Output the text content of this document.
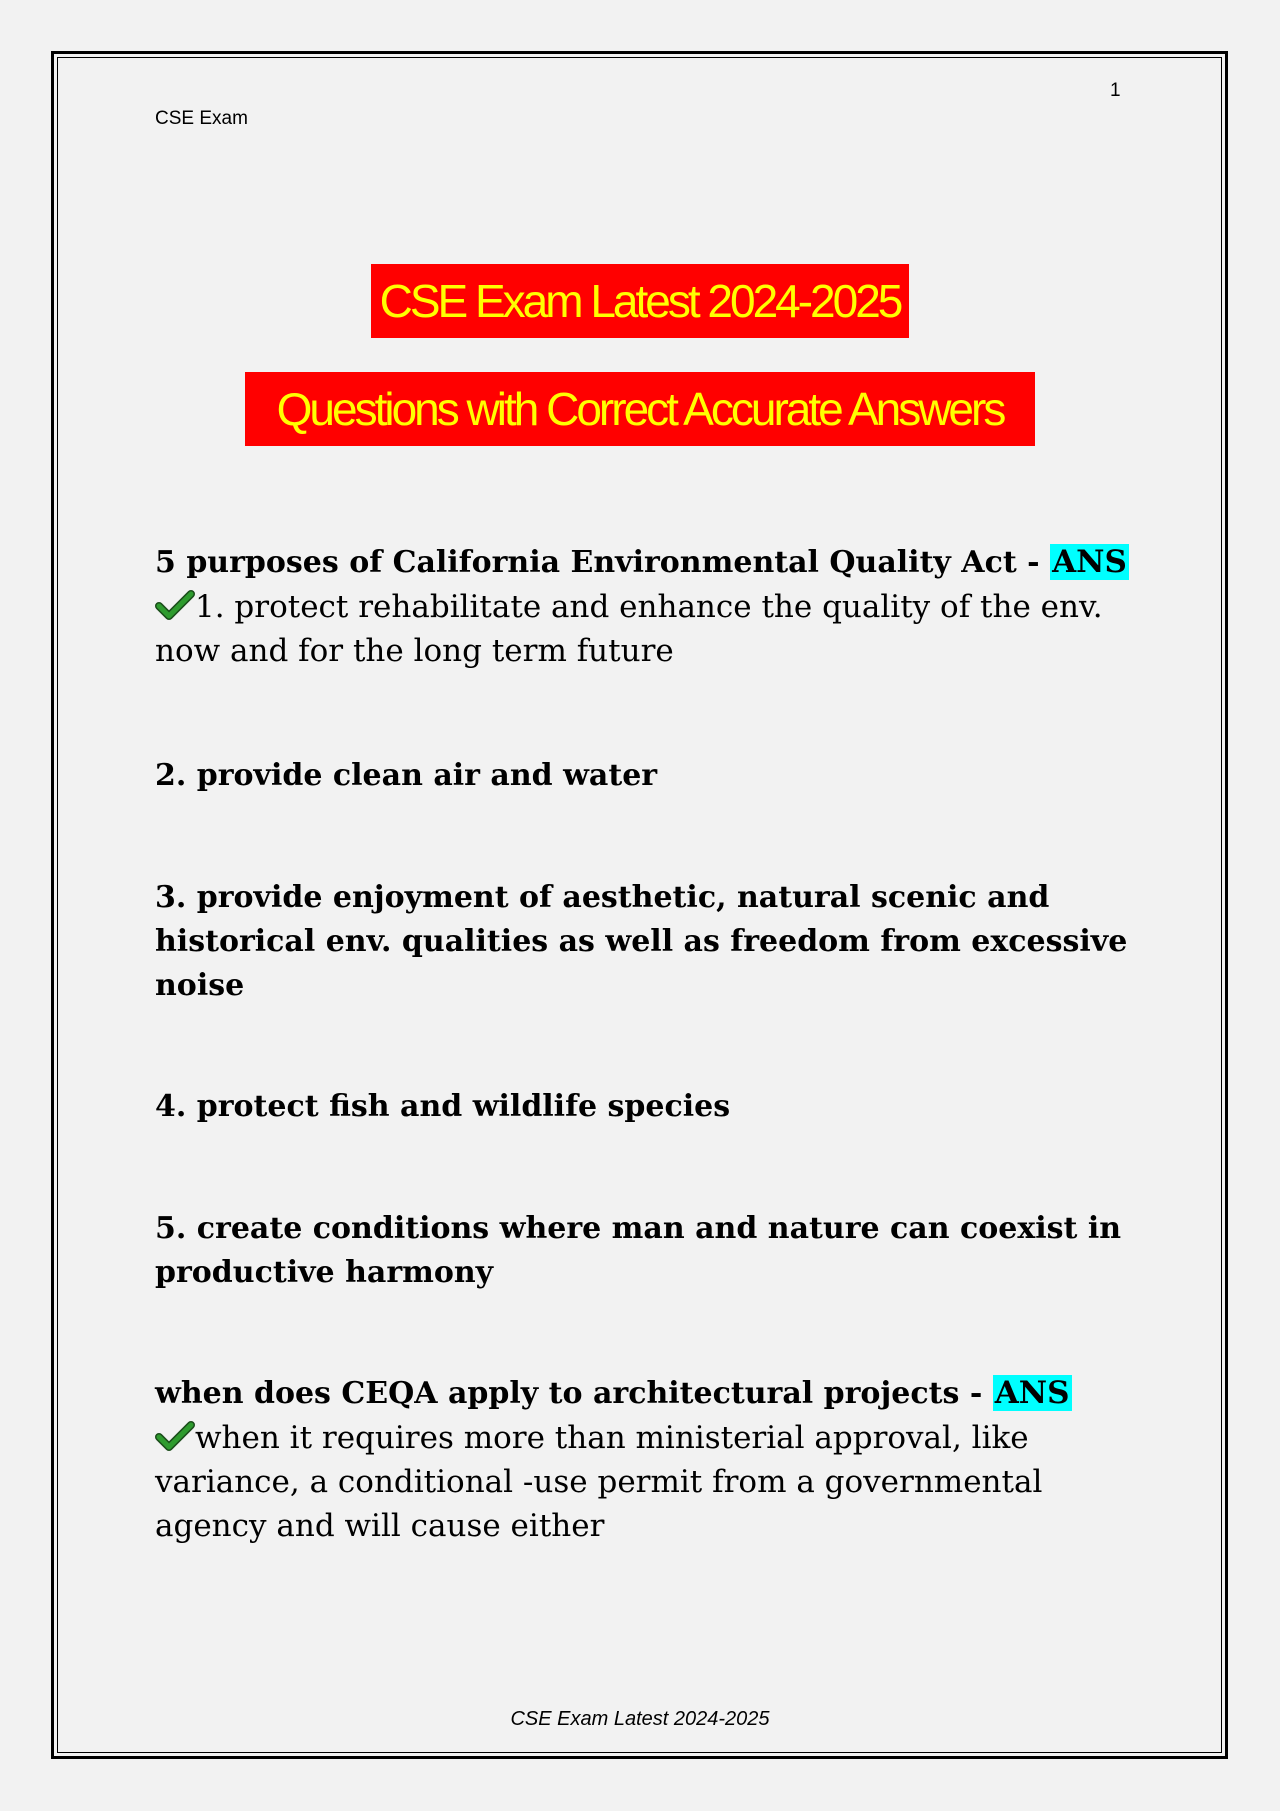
1
CSE Exam
CSE Exam Latest 2024-2025
Questions with Correct Accurate Answers
5 purposes of California Environmental Quality Act - ANS
1. protect rehabilitate and enhance the quality of the env. now and for the long term future
2. provide clean air and water
3. provide enjoyment of aesthetic, natural scenic and historical env. qualities as well as freedom from excessive noise
4. protect fish and wildlife species
5. create conditions where man and nature can coexist in productive harmony
when does CEQA apply to architectural projects - ANS
when it requires more than ministerial approval, like variance, a conditional -use permit from a governmental agency and will cause either
CSE Exam Latest 2024-2025
